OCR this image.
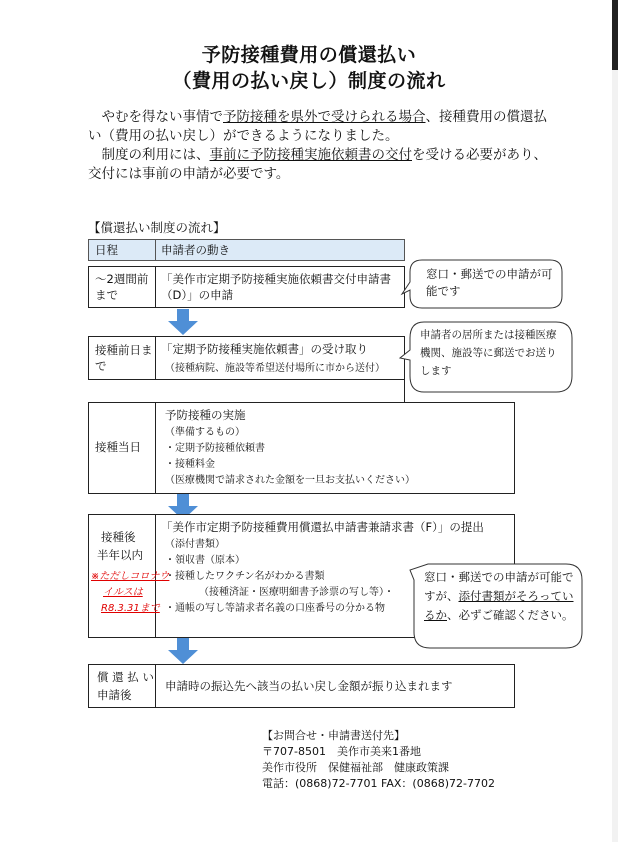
予防接種費用の償還払い
（費用の払い戻し）制度の流れ

やむを得ない事情で予防接種を県外で受けられる場合、接種費用の償還払い（費用の払い戻し）ができるようになりました。

制度の利用には、事前に予防接種実施依頼書の交付を受ける必要があり、交付には事前の申請が必要です。

【償還払い制度の流れ】
日程	申請者の動き
～2週間前まで
「美作市定期予防接種実施依頼書交付申請書（D）」の申請
接種前日まで
「定期予防接種実施依頼書」の受け取り
（接種病院、施設等希望送付場所に市から送付）
接種当日
予防接種の実施
（準備するもの）
・定期予防接種依頼書
・接種料金
（医療機関で請求された金額を一旦お支払いください）
接種後
半年以内
※ただしコロナウ
イルスは
R8.3.31まで
「美作市定期予防接種費用償還払申請書兼請求書（F）」の提出
（添付書類）
・領収書（原本）
・接種したワクチン名がわかる書類
（接種済証・医療明細書予診票の写し等）・
・通帳の写し等請求者名義の口座番号の分かる物
償 還 払 い
申請後
申請時の振込先へ該当の払い戻し金額が振り込まれます
窓口・郵送での申請が可能です
申請者の居所または接種医療機関、施設等に郵送でお送りします
窓口・郵送での申請が可能ですが、添付書類がそろっているか、必ずご確認ください。
【お問合せ・申請書送付先】
〒707-8501　美作市美来1番地
美作市役所　保健福祉部　健康政策課
電話：(0868)72-7701 FAX：(0868)72-7702
